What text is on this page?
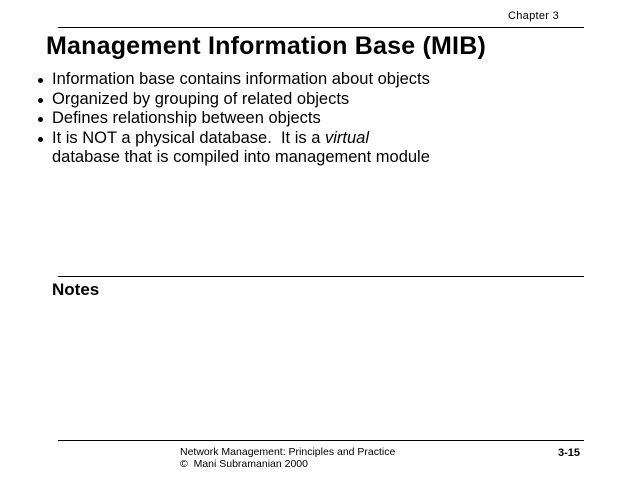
Chapter 3
Management Information Base (MIB)
Information base contains information about objects
Organized by grouping of related objects
Defines relationship between objects
It is NOT a physical database.  It is a virtual
database that is compiled into management module
Notes
Network Management: Principles and Practice
©  Mani Subramanian 2000
3-15
